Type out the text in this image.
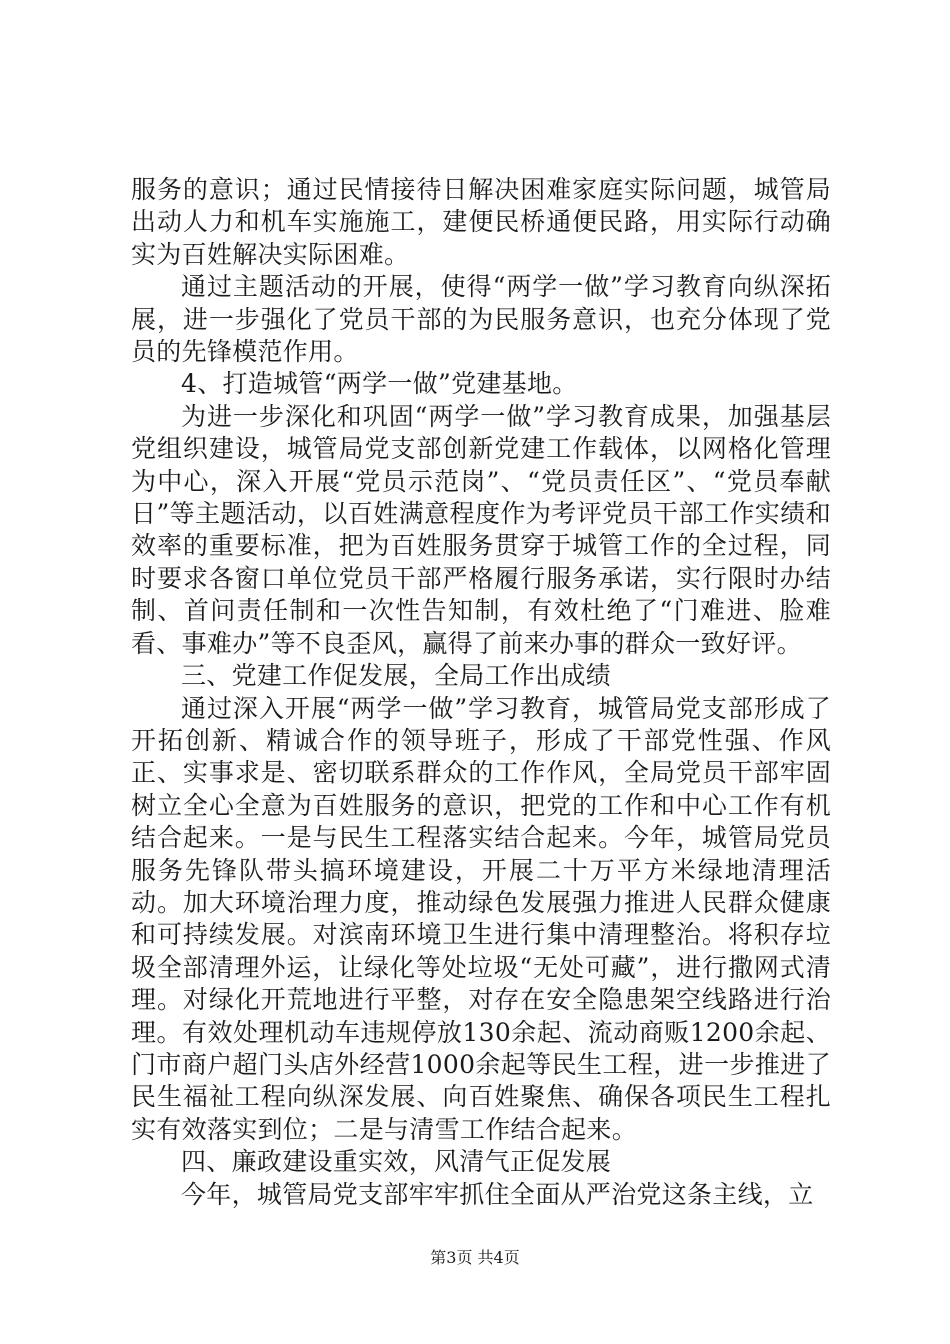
服务的意识；通过民情接待日解决困难家庭实际问题，城管局出动人力和机车实施施工，建便民桥通便民路，用实际行动确实为百姓解决实际困难。

通过主题活动的开展，使得“两学一做”学习教育向纵深拓展，进一步强化了党员干部的为民服务意识，也充分体现了党员的先锋模范作用。

4、打造城管“两学一做”党建基地。

为进一步深化和巩固“两学一做”学习教育成果，加强基层党组织建设，城管局党支部创新党建工作载体，以网格化管理为中心，深入开展“党员示范岗”、“党员责任区”、“党员奉献日”等主题活动，以百姓满意程度作为考评党员干部工作实绩和效率的重要标准，把为百姓服务贯穿于城管工作的全过程，同时要求各窗口单位党员干部严格履行服务承诺，实行限时办结制、首问责任制和一次性告知制，有效杜绝了“门难进、脸难看、事难办”等不良歪风，赢得了前来办事的群众一致好评。

三、党建工作促发展，全局工作出成绩

通过深入开展“两学一做”学习教育，城管局党支部形成了开拓创新、精诚合作的领导班子，形成了干部党性强、作风正、实事求是、密切联系群众的工作作风，全局党员干部牢固树立全心全意为百姓服务的意识，把党的工作和中心工作有机结合起来。一是与民生工程落实结合起来。今年，城管局党员服务先锋队带头搞环境建设，开展二十万平方米绿地清理活动。加大环境治理力度，推动绿色发展强力推进人民群众健康和可持续发展。对滨南环境卫生进行集中清理整治。将积存垃圾全部清理外运，让绿化等处垃圾“无处可藏”，进行撒网式清理。对绿化开荒地进行平整，对存在安全隐患架空线路进行治理。有效处理机动车违规停放130余起、流动商贩1200余起、门市商户超门头店外经营1000余起等民生工程，进一步推进了民生福祉工程向纵深发展、向百姓聚焦、确保各项民生工程扎实有效落实到位；二是与清雪工作结合起来。

四、廉政建设重实效，风清气正促发展

今年，城管局党支部牢牢抓住全面从严治党这条主线，立

第3页 共4页
